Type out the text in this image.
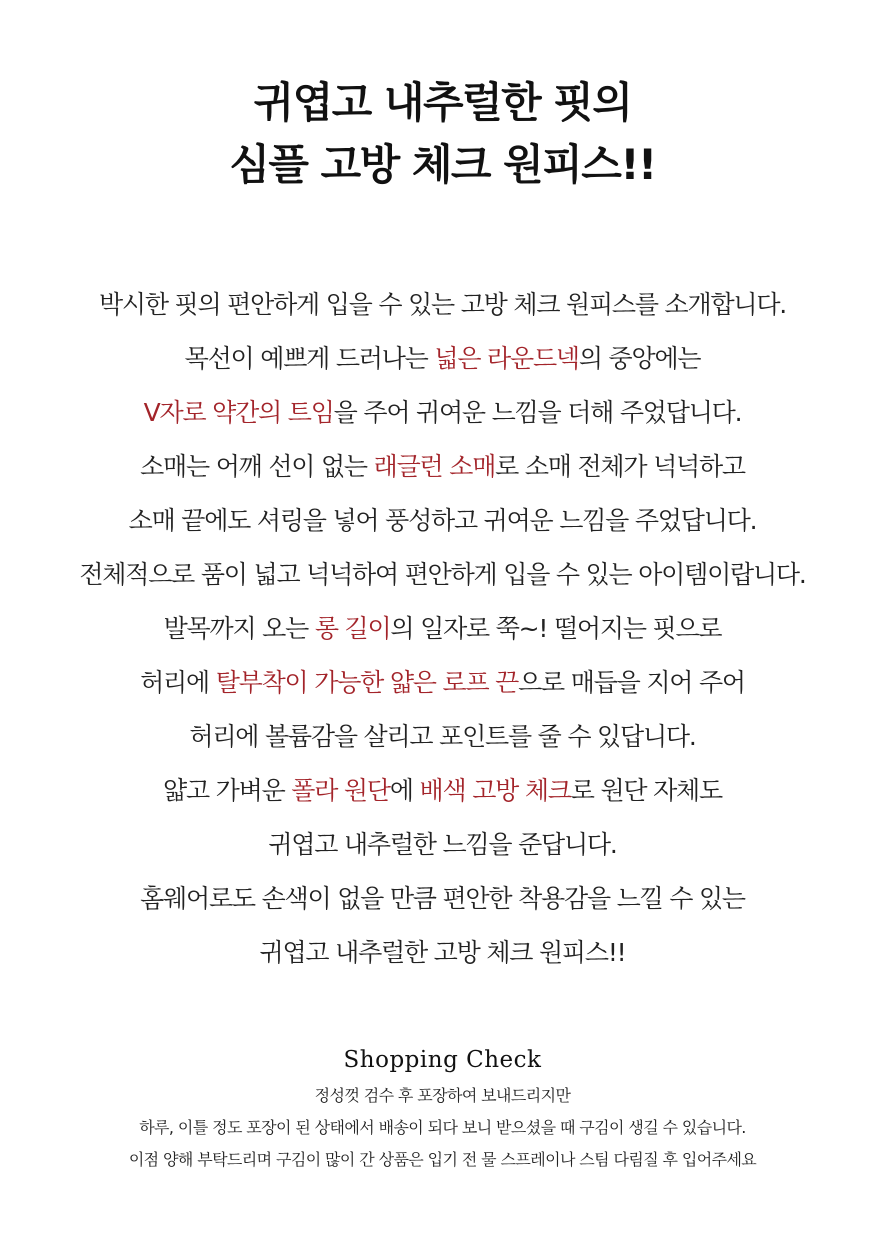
귀엽고 내추럴한 핏의
심플 고방 체크 원피스!!
박시한 핏의 편안하게 입을 수 있는 고방 체크 원피스를 소개합니다.
목선이 예쁘게 드러나는 넓은 라운드넥의 중앙에는
V자로 약간의 트임을 주어 귀여운 느낌을 더해 주었답니다.
소매는 어깨 선이 없는 래글런 소매로 소매 전체가 넉넉하고
소매 끝에도 셔링을 넣어 풍성하고 귀여운 느낌을 주었답니다.
전체적으로 품이 넓고 넉넉하여 편안하게 입을 수 있는 아이템이랍니다.
발목까지 오는 롱 길이의 일자로 쭉~! 떨어지는 핏으로
허리에 탈부착이 가능한 얇은 로프 끈으로 매듭을 지어 주어
허리에 볼륨감을 살리고 포인트를 줄 수 있답니다.
얇고 가벼운 폴라 원단에 배색 고방 체크로 원단 자체도
귀엽고 내추럴한 느낌을 준답니다.
홈웨어로도 손색이 없을 만큼 편안한 착용감을 느낄 수 있는
귀엽고 내추럴한 고방 체크 원피스!!
Shopping Check
정성껏 검수 후 포장하여 보내드리지만
하루, 이틀 정도 포장이 된 상태에서 배송이 되다 보니 받으셨을 때 구김이 생길 수 있습니다.
이점 양해 부탁드리며 구김이 많이 간 상품은 입기 전 물 스프레이나 스팀 다림질 후 입어주세요
